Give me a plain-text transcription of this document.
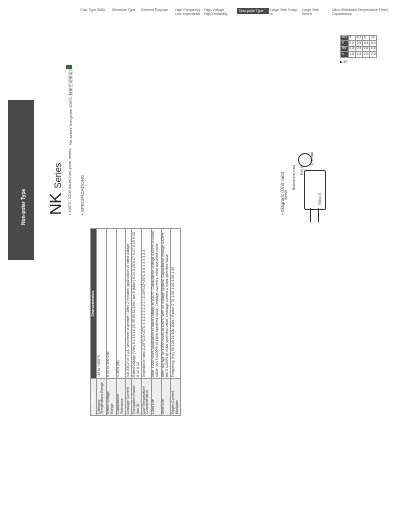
Chip Type SMD	Miniature Type	General Purpose High Frequency Low Impedance
High Voltage High Reliability
Non-polar Type	Large Size Snap-in
Large Size Screw
Ultra Wideband Temperature Fixed Capacitance
Non-polar Type
NK series Non-polar 105°C 無極性電解電容
NK Series	• 105°C, 1000 hours Non-polar series • SPECIFICATIONS
Items	Characteristics
Category Temperature Range	-40 to +105°C
Rated Voltage Range	6.3V to 100 Vdc
Capacitance Tolerance	± 20% (M)
Leakage Current	I≤0.03CV or 4 μA, whichever is greater / After 2 minutes' application of rated voltage
Dissipation Factor (tan δ)	Rated voltage (Vdc) 6.3 10 16 25 35 50 63 100 / tan δ (Max.) 0.24 0.20 0.17 0.17 0.15 0.15 0.12 0.12
Low Temperature Characteristics	Impedance ratio Z-25°C/Z+20°C 4 3 2 2 2 2 2 2 / Z-40°C/Z+20°C 8 6 4 4 3 3 3 3
Load Life	After 1000 hours application of rated voltage at 105°C: Capacitance change ≤±20% of initial value; tan δ ≤200% of initial specified value; Leakage current ≤ initial specified value
Shelf Life	After storage for 1000 hours at 105°C with no voltage applied: Capacitance change ≤±20%; tan δ ≤200% of initial specified value; Leakage current ≤ initial specified value
Ripple Current Multiplier	Frequency (Hz) 50 120 1k 10k 100k / Factor 0.70 1.00 1.30 1.50 1.50
• Diagram: (Unit: mm) Sleeve
Bottom end view P±0.5
L+α max
ΦD±0.5
ΦD	5	6.3	8	10
P	2.0	2.5	3.5	5.0
Φd	0.5	0.5	0.6	0.6
α	1.5	1.5	2.0	2.0
▶ 87
